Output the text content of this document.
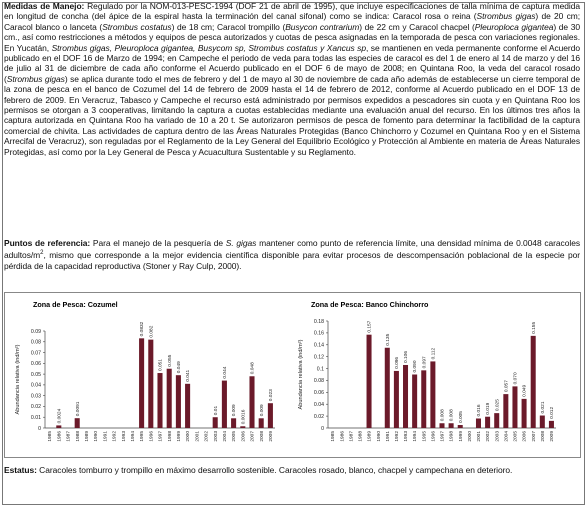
Medidas de Manejo: Regulado por la NOM-013-PESC-1994 (DOF 21 de abril de 1995), que incluye especificaciones de talla mínima de captura medida en longitud de concha (del ápice de la espiral hasta la terminación del canal sifonal) como se indica: Caracol rosa o reina (Strombus gigas) de 20 cm; Caracol blanco o lanceta (Strombus costatus) de 18 cm; Caracol trompillo (Busycon contrarium) de 22 cm y Caracol chacpel (Pleuroploca gigantea) de 30 cm., así como restricciones a métodos y equipos de pesca autorizados y cuotas de pesca asignadas en la temporada de pesca con variaciones regionales. En Yucatán, Strombus gigas, Pleuroploca gigantea, Busycom sp, Strombus costatus y Xancus sp, se mantienen en veda permanente conforme el Acuerdo publicado en el DOF 16 de Marzo de 1994; en Campeche el periodo de veda para todas las especies de caracol es del 1 de enero al 14 de marzo y del 16 de julio al 31 de diciembre de cada año conforme el Acuerdo publicado en el DOF 6 de mayo de 2008; en Quintana Roo, la veda del caracol rosado (Strombus gigas) se aplica durante todo el mes de febrero y del 1 de mayo al 30 de noviembre de cada año además de establecerse un cierre temporal de la zona de pesca en el banco de Cozumel del 14 de febrero de 2009 hasta el 14 de febrero de 2012, conforme al Acuerdo publicado en el DOF 13 de febrero de 2009. En Veracruz, Tabasco y Campeche el recurso está administrado por permisos expedidos a pescadores sin cuota y en Quintana Roo los permisos se otorgan a 3 cooperativas, limitando la captura a cuotas establecidas mediante una evaluación anual del recurso. En los últimos tres años la captura autorizada en Quintana Roo ha variado de 10 a 20 t. Se autorizaron permisos de pesca de fomento para determinar la factibilidad de la captura comercial de chivita. Las actividades de captura dentro de las Áreas Naturales Protegidas (Banco Chinchorro y Cozumel en Quintana Roo y en el Sistema Arrecifal de Veracruz), son reguladas por el Reglamento de la Ley General del Equilibrio Ecológico y Protección al Ambiente en materia de Áreas Naturales Protegidas, así como por la Ley General de Pesca y Acuacultura Sustentable y su Reglamento.

Puntos de referencia: Para el manejo de la pesquería de S. gigas mantener como punto de referencia límite, una densidad mínima de 0.0048 caracoles adultos/$m^2$, mismo que corresponde a la mejor evidencia científica disponible para evitar procesos de descompensación poblacional de la especie por pérdida de la capacidad reproductiva (Stoner y Ray Culp, 2000).

Zona de Pesca: Cozumel
0
0.01
0.02
0.03
0.04
0.05
0.06
0.07
0.08
0.09
Abundancia relativa (ind/m²)
1985
0.0024
1986 1987
0.0091
1988 1989 1990 1991 1992 1993 1994
0.0832
1995
0.082
1996
0.051
1997
0.055
1998
0.049
1999
0.041
2000 2001 2002
0.01
2003
0.044
2004
0.009
2005
0.0016
2006
0.048
2007
0.009
2008
0.023
2009
Zona de Pesca: Banco Chinchorro
0
0.02
0.04
0.06
0.08
0.1
0.12
0.14
0.16
0.18
Abundancia relativa (ind/m²)
1985 1986 1987 1988
0.157
1989 1990
0.135
1991
0.096
1992
0.106
1993
0.090
1994
0.097
1995
0.112
1996
0.008
1997
0.008
1998
0.005
1999 2000
0.016
2001
0.019
2002
0.025
2003
0.057
2004
0.070
2005
0.049
2006
0.155
2007
0.021
2008
0.012
2009

Estatus: Caracoles tomburro y trompillo en máximo desarrollo sostenible. Caracoles rosado, blanco, chacpel y campechana en deterioro.
